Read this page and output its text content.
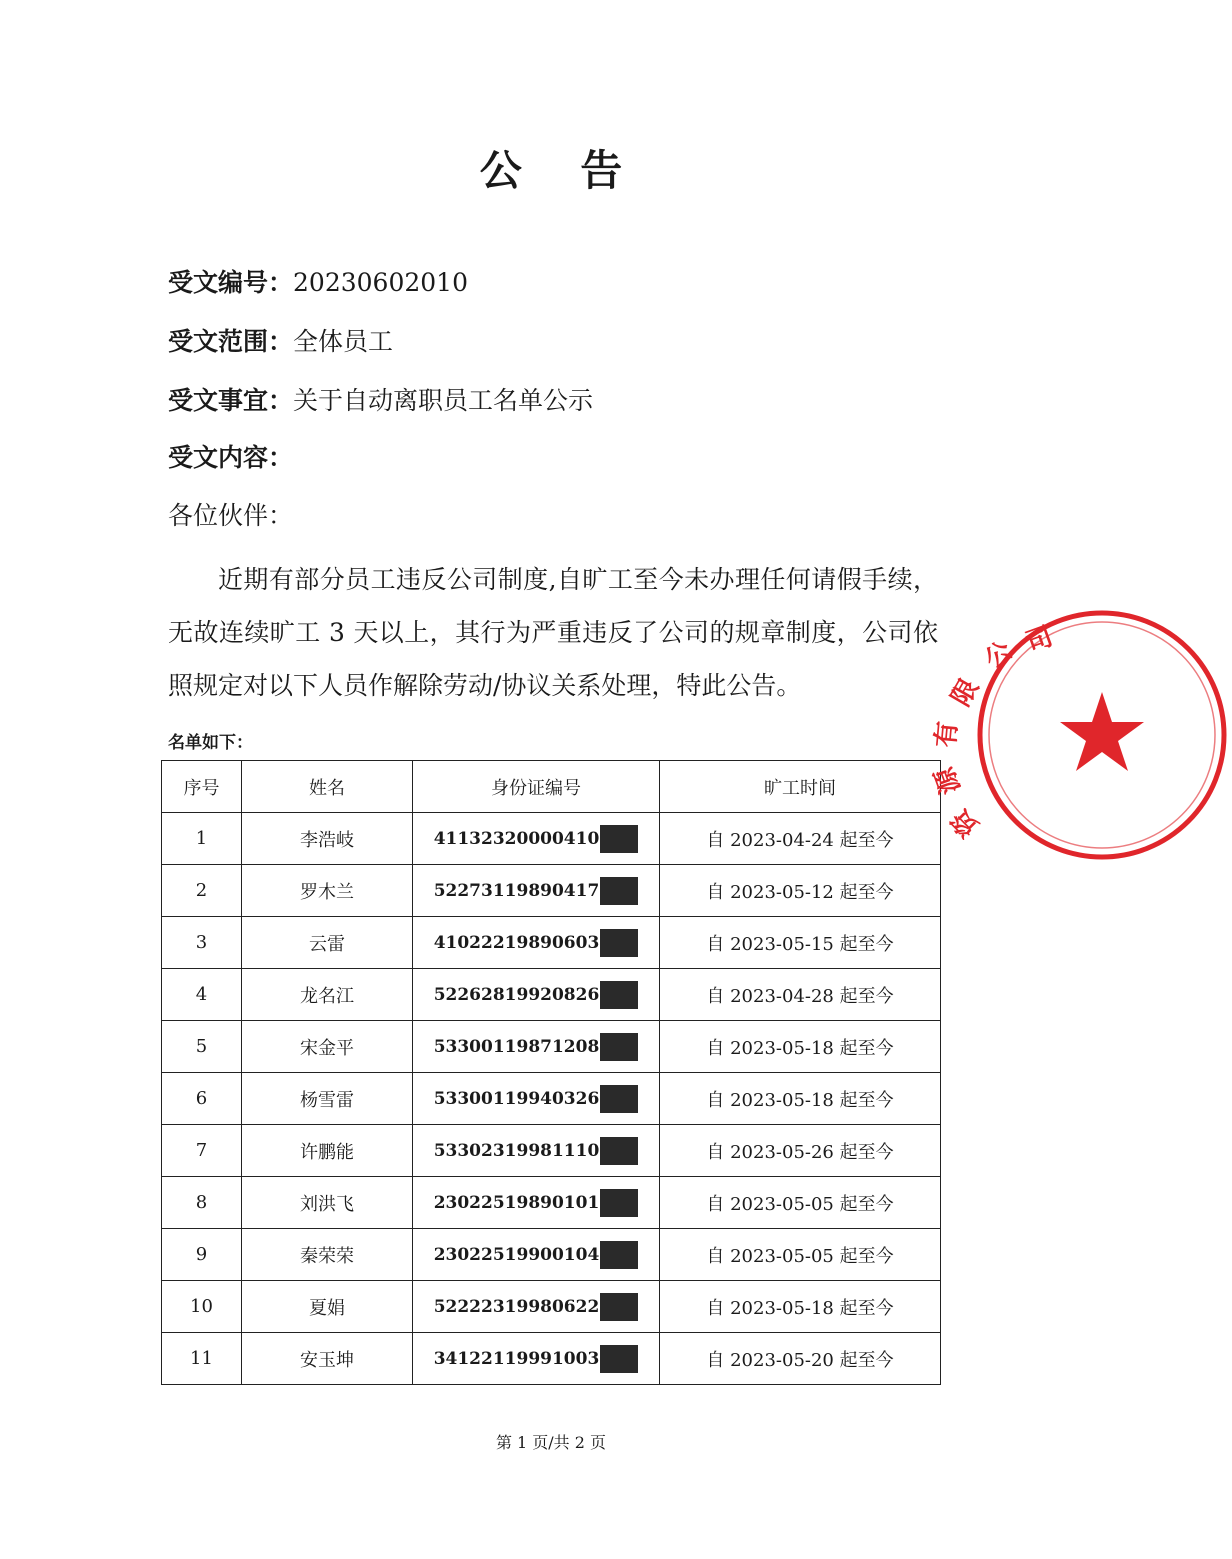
公 告
受文编号：20230602010
受文范围：全体员工
受文事宜：关于自动离职员工名单公示
受文内容：
各位伙伴：
近期有部分员工违反公司制度,自旷工至今未办理任何请假手续，无故连续旷工 3 天以上，其行为严重违反了公司的规章制度，公司依照规定对以下人员作解除劳动/协议关系处理，特此公告。
名单如下：
序号	姓名	身份证编号	旷工时间
1	李浩岐	41132320000410	自 2023-04-24 起至今
2	罗木兰	52273119890417	自 2023-05-12 起至今
3	云雷	41022219890603	自 2023-05-15 起至今
4	龙名江	52262819920826	自 2023-04-28 起至今
5	宋金平	53300119871208	自 2023-05-18 起至今
6	杨雪雷	53300119940326	自 2023-05-18 起至今
7	许鹏能	53302319981110	自 2023-05-26 起至今
8	刘洪飞	23022519890101	自 2023-05-05 起至今
9	秦荣荣	23022519900104	自 2023-05-05 起至今
10	夏娟	52222319980622	自 2023-05-18 起至今
11	安玉坤	34122119991003	自 2023-05-20 起至今
第 1 页/共 2 页
公 司
限
有
源
资
